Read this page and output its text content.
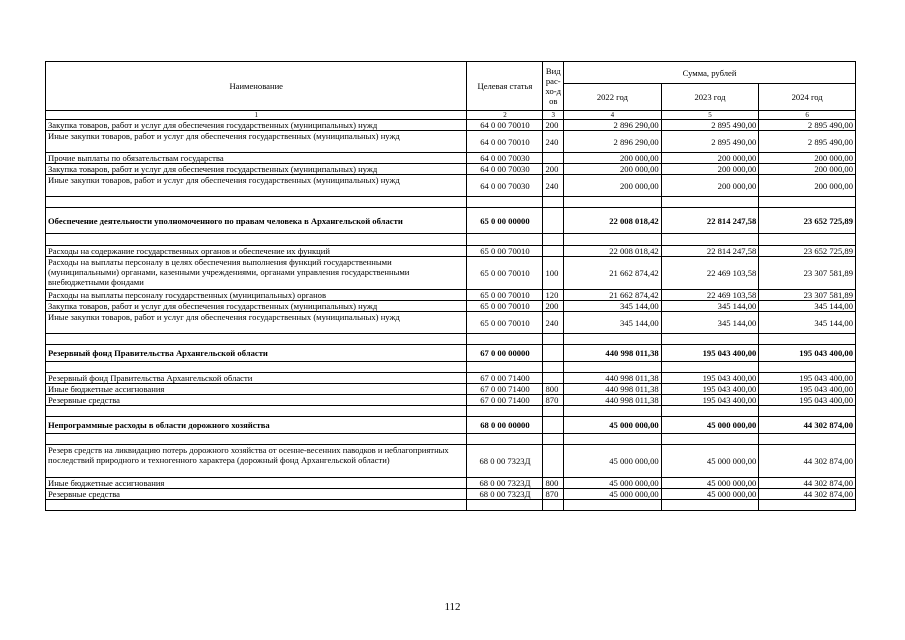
Наименование	Целевая статья	Вид рас-хо-дов	Сумма, рублей		
			2022 год	2023 год	2024 год
1	2	3	4	5	6
Закупка товаров, работ и услуг для обеспечения государственных (муниципальных) нужд	64 0 00 70010	200	2 896 290,00	2 895 490,00	2 895 490,00
Иные закупки товаров, работ и услуг для обеспечения государственных (муниципальных) нужд	64 0 00 70010	240	2 896 290,00	2 895 490,00	2 895 490,00
Прочие выплаты по обязательствам государства	64 0 00 70030		200 000,00	200 000,00	200 000,00
Закупка товаров, работ и услуг для обеспечения государственных (муниципальных) нужд	64 0 00 70030	200	200 000,00	200 000,00	200 000,00
Иные закупки товаров, работ и услуг для обеспечения государственных (муниципальных) нужд	64 0 00 70030	240	200 000,00	200 000,00	200 000,00

Обеспечение деятельности уполномоченного по правам человека в Архангельской области	65 0 00 00000		22 008 018,42	22 814 247,58	23 652 725,89

Расходы на содержание государственных органов и обеспечение их функций	65 0 00 70010		22 008 018,42	22 814 247,58	23 652 725,89
Расходы на выплаты персоналу в целях обеспечения выполнения функций государственными (муниципальными) органами, казенными учреждениями, органами управления государственными внебюджетными фондами	65 0 00 70010	100	21 662 874,42	22 469 103,58	23 307 581,89
Расходы на выплаты персоналу государственных (муниципальных) органов	65 0 00 70010	120	21 662 874,42	22 469 103,58	23 307 581,89
Закупка товаров, работ и услуг для обеспечения государственных (муниципальных) нужд	65 0 00 70010	200	345 144,00	345 144,00	345 144,00
Иные закупки товаров, работ и услуг для обеспечения государственных (муниципальных) нужд	65 0 00 70010	240	345 144,00	345 144,00	345 144,00

Резервный фонд Правительства Архангельской области	67 0 00 00000		440 998 011,38	195 043 400,00	195 043 400,00

Резервный фонд Правительства Архангельской области	67 0 00 71400		440 998 011,38	195 043 400,00	195 043 400,00
Иные бюджетные ассигнования	67 0 00 71400	800	440 998 011,38	195 043 400,00	195 043 400,00
Резервные средства	67 0 00 71400	870	440 998 011,38	195 043 400,00	195 043 400,00

Непрограммные расходы в области дорожного хозяйства	68 0 00 00000		45 000 000,00	45 000 000,00	44 302 874,00

Резерв средств на ликвидацию потерь дорожного хозяйства от осенне-весенних паводков и неблагоприятных последствий природного и техногенного характера (дорожный фонд Архангельской области)	68 0 00 7323Д		45 000 000,00	45 000 000,00	44 302 874,00
Иные бюджетные ассигнования	68 0 00 7323Д	800	45 000 000,00	45 000 000,00	44 302 874,00
Резервные средства	68 0 00 7323Д	870	45 000 000,00	45 000 000,00	44 302 874,00

112
